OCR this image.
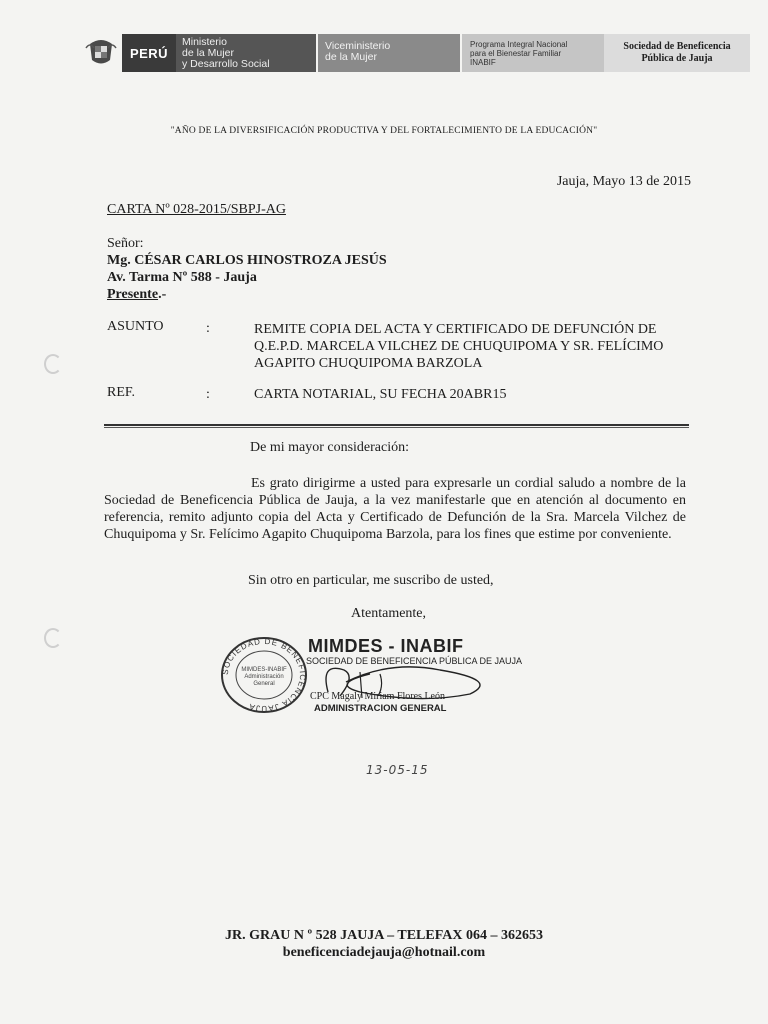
PERÚ
Ministerio
de la Mujer
y Desarrollo Social
Viceministerio
de la Mujer
Programa Integral Nacional
para el Bienestar Familiar
INABIF
Sociedad de Beneficencia
Pública de Jauja
"AÑO DE LA DIVERSIFICACIÓN PRODUCTIVA Y DEL FORTALECIMIENTO DE LA EDUCACIÓN"
Jauja, Mayo 13 de 2015
CARTA Nº 028-2015/SBPJ-AG
Señor:
Mg. CÉSAR CARLOS HINOSTROZA JESÚS
Av. Tarma Nº 588 - Jauja
Presente.-
ASUNTO	:	REMITE COPIA DEL ACTA Y CERTIFICADO DE DEFUNCIÓN DE Q.E.P.D. MARCELA VILCHEZ DE CHUQUIPOMA Y SR. FELÍCIMO AGAPITO CHUQUIPOMA BARZOLA
REF.	:	CARTA NOTARIAL, SU FECHA 20ABR15
De mi mayor consideración:
Es grato dirigirme a usted para expresarle un cordial saludo a nombre de la Sociedad de Beneficencia Pública de Jauja, a la vez manifestarle que en atención al documento en referencia, remito adjunto copia del Acta y Certificado de Defunción de la Sra. Marcela Vilchez de Chuquipoma y Sr. Felícimo Agapito Chuquipoma Barzola, para los fines que estime por conveniente.
Sin otro en particular, me suscribo de usted,
Atentamente,
SOCIEDAD DE BENEFICENCIA JAUJA
MIMDES-INABIF
Administración
General
MIMDES - INABIF
SOCIEDAD DE BENEFICENCIA PÚBLICA DE JAUJA
CPC Magaly Miriam Flores León
ADMINISTRACION GENERAL
13-05-15
JR. GRAU N º 528 JAUJA – TELEFAX 064 – 362653
beneficenciadejauja@hotnail.com
